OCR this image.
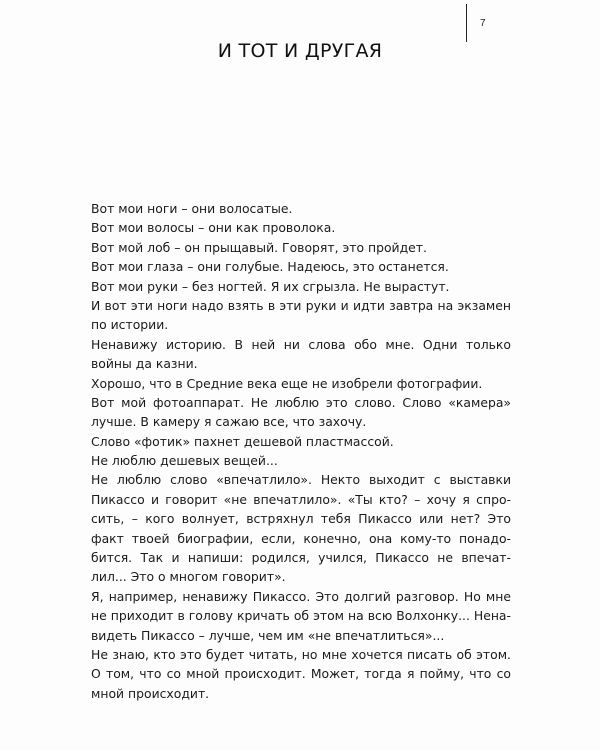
7
И ТОТ И ДРУГАЯ
Вот мои ноги – они волосатые.
Вот мои волосы – они как проволока.
Вот мой лоб – он прыщавый. Говорят, это пройдет.
Вот мои глаза – они голубые. Надеюсь, это останется.
Вот мои руки – без ногтей. Я их сгрызла. Не вырастут.
И вот эти ноги надо взять в эти руки и идти завтра на экзамен
по истории.
Ненавижу историю. В ней ни слова обо мне. Одни только
войны да казни.
Хорошо, что в Средние века еще не изобрели фотографии.
Вот мой фотоаппарат. Не люблю это слово. Слово «камера»
лучше. В камеру я сажаю все, что захочу.
Слово «фотик» пахнет дешевой пластмассой.
Не люблю дешевых вещей...
Не люблю слово «впечатлило». Некто выходит с выставки
Пикассо и говорит «не впечатлило». «Ты кто? – хочу я спро-
сить, – кого волнует, встряхнул тебя Пикассо или нет? Это
факт твоей биографии, если, конечно, она кому-то понадо-
бится. Так и напиши: родился, учился, Пикассо не впечат-
лил... Это о многом говорит».
Я, например, ненавижу Пикассо. Это долгий разговор. Но мне
не приходит в голову кричать об этом на всю Волхонку... Нена-
видеть Пикассо – лучше, чем им «не впечатлиться»...
Не знаю, кто это будет читать, но мне хочется писать об этом.
О том, что со мной происходит. Может, тогда я пойму, что со
мной происходит.
